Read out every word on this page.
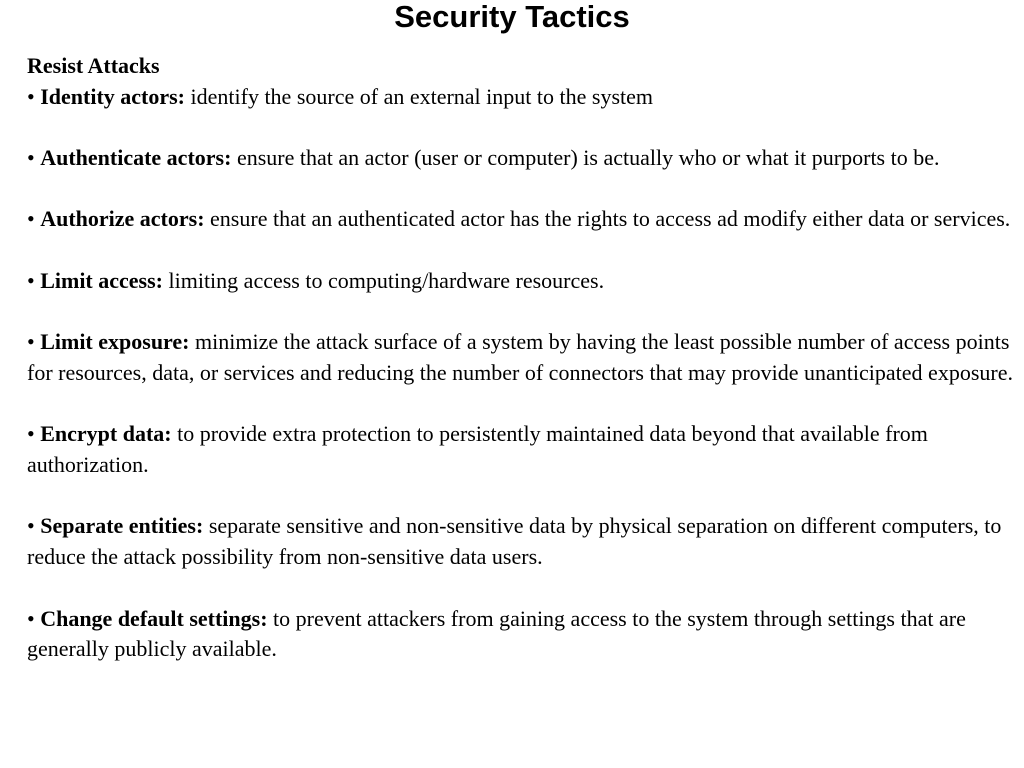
Security Tactics
Resist Attacks
• Identity actors: identify the source of an external input to the system
• Authenticate actors: ensure that an actor (user or computer) is actually who or what it purports to be.
• Authorize actors: ensure that an authenticated actor has the rights to access ad modify either data or services.
• Limit access: limiting access to computing/hardware resources.
• Limit exposure: minimize the attack surface of a system by having the least possible number of access points for resources, data, or services and reducing the number of connectors that may provide unanticipated exposure.
• Encrypt data: to provide extra protection to persistently maintained data beyond that available from authorization.
• Separate entities: separate sensitive and non-sensitive data by physical separation on different computers, to reduce the attack possibility from non-sensitive data users.
• Change default settings: to prevent attackers from gaining access to the system through settings that are generally publicly available.
